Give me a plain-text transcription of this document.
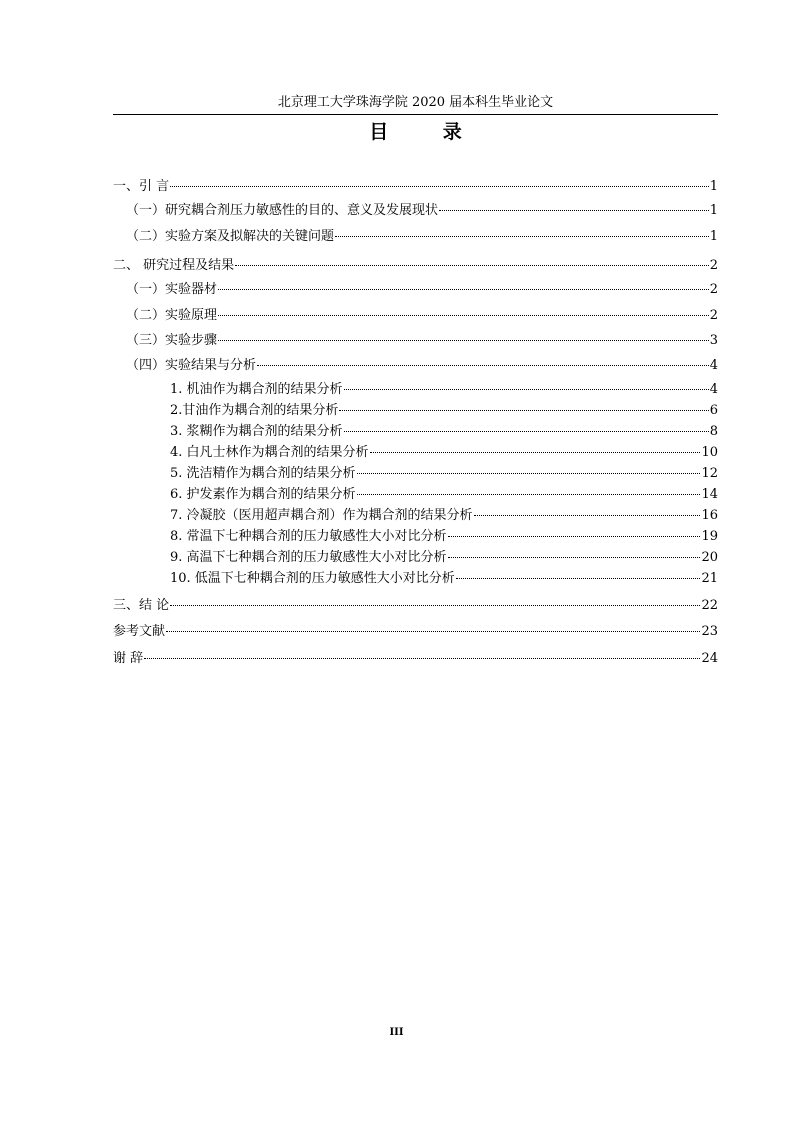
北京理工大学珠海学院 2020 届本科生毕业论文
目 录
一、引 言	1
（一）研究耦合剂压力敏感性的目的、意义及发展现状	1
（二）实验方案及拟解决的关键问题	1
二、 研究过程及结果	2
（一）实验器材	2
（二）实验原理	2
（三）实验步骤	3
（四）实验结果与分析	4
1. 机油作为耦合剂的结果分析	4
2.甘油作为耦合剂的结果分析	6
3. 浆糊作为耦合剂的结果分析	8
4. 白凡士林作为耦合剂的结果分析	10
5. 洗洁精作为耦合剂的结果分析	12
6. 护发素作为耦合剂的结果分析	14
7. 冷凝胶（医用超声耦合剂）作为耦合剂的结果分析	16
8. 常温下七种耦合剂的压力敏感性大小对比分析	19
9. 高温下七种耦合剂的压力敏感性大小对比分析	20
10. 低温下七种耦合剂的压力敏感性大小对比分析	21
三、结 论	22
参考文献	23
谢 辞	24
III
